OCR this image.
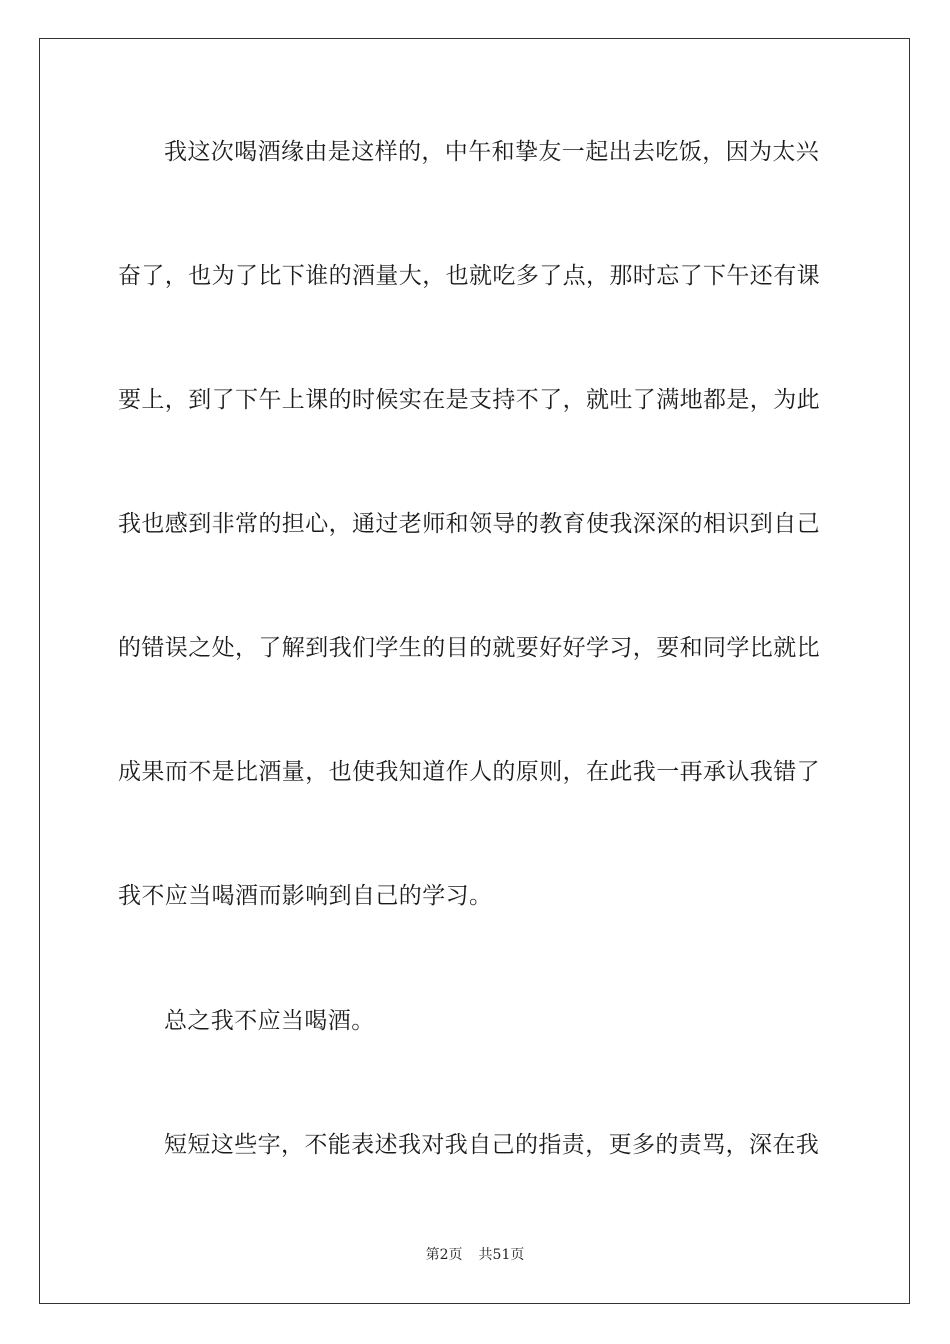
我这次喝酒缘由是这样的，中午和挚友一起出去吃饭，因为太兴
奋了，也为了比下谁的酒量大，也就吃多了点，那时忘了下午还有课
要上，到了下午上课的时候实在是支持不了，就吐了满地都是，为此
我也感到非常的担心，通过老师和领导的教育使我深深的相识到自己
的错误之处，了解到我们学生的目的就要好好学习，要和同学比就比
成果而不是比酒量，也使我知道作人的原则，在此我一再承认我错了
我不应当喝酒而影响到自己的学习。
总之我不应当喝酒。
短短这些字，不能表述我对我自己的指责，更多的责骂，深在我
第2页 共51页
